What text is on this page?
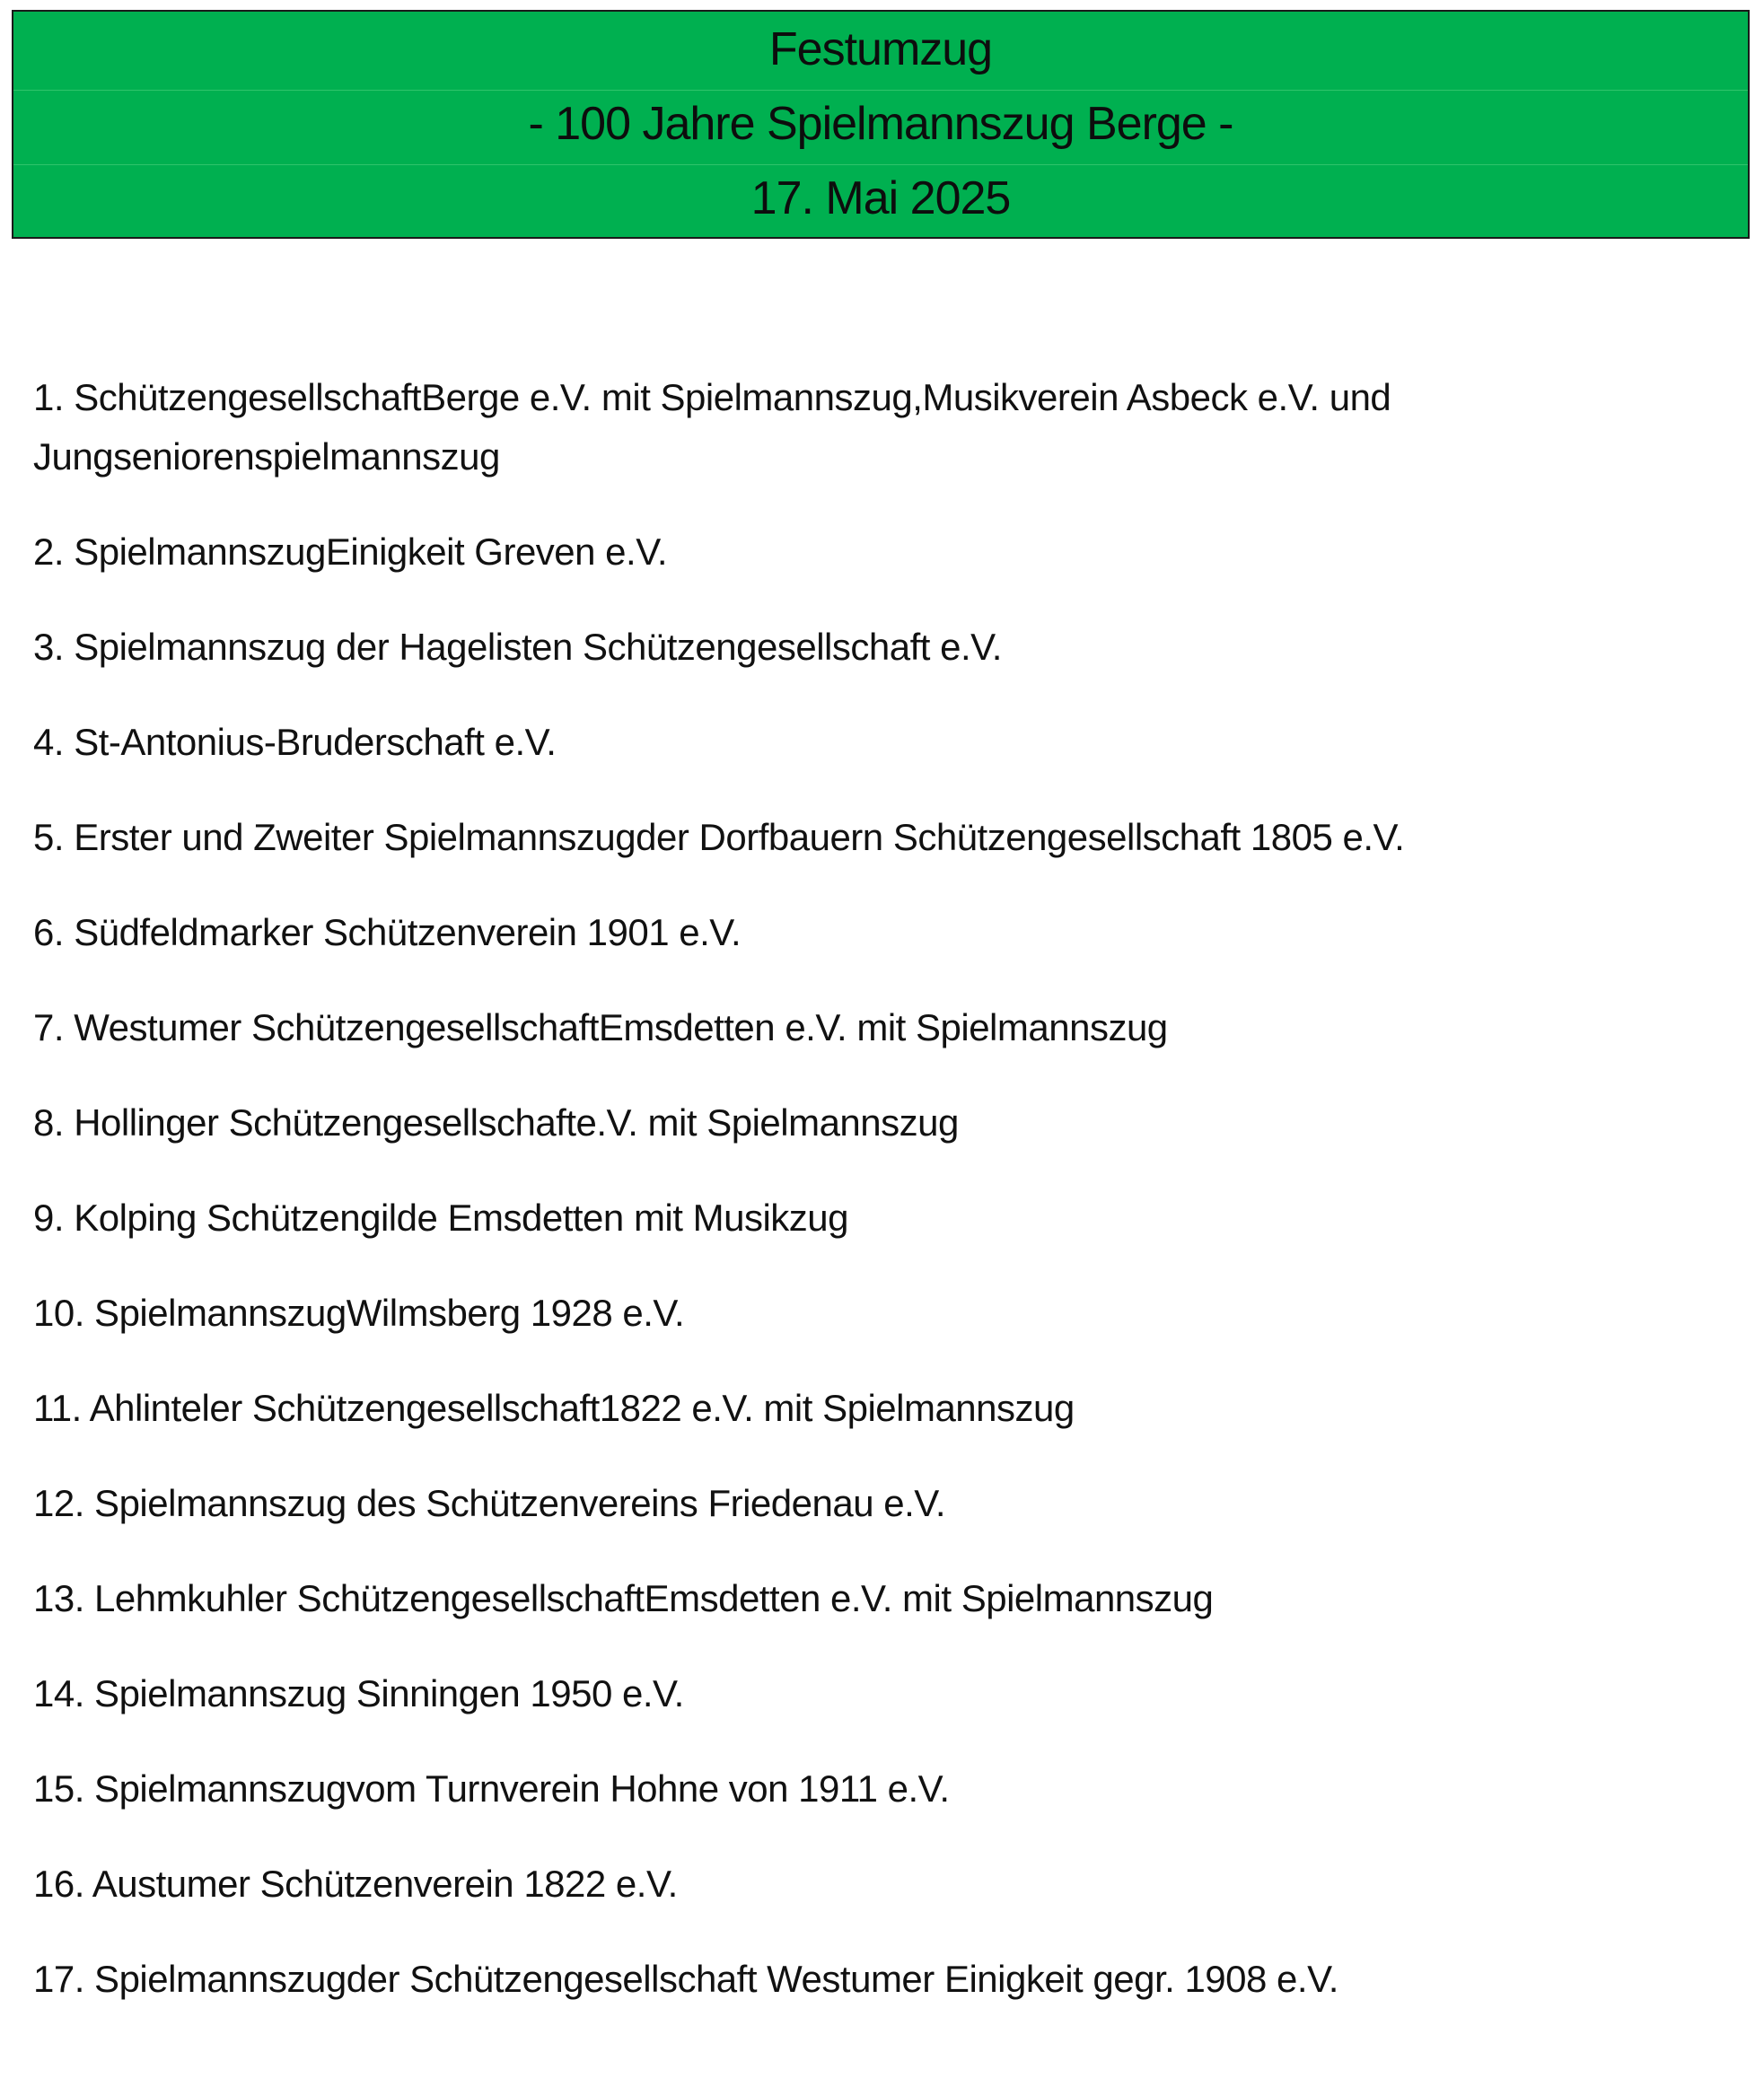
Festumzug
- 100 Jahre Spielmannszug Berge -
17. Mai 2025
1. SchützengesellschaftBerge e.V. mit Spielmannszug,Musikverein Asbeck e.V. und Jungseniorenspielmannszug
2. SpielmannszugEinigkeit Greven e.V.
3. Spielmannszug der Hagelisten Schützengesellschaft e.V.
4. St-Antonius-Bruderschaft e.V.
5. Erster und Zweiter Spielmannszugder Dorfbauern Schützengesellschaft 1805 e.V.
6. Südfeldmarker Schützenverein 1901 e.V.
7. Westumer SchützengesellschaftEmsdetten e.V. mit Spielmannszug
8. Hollinger Schützengesellschafte.V. mit Spielmannszug
9. Kolping Schützengilde Emsdetten mit Musikzug
10. SpielmannszugWilmsberg 1928 e.V.
11. Ahlinteler Schützengesellschaft1822 e.V. mit Spielmannszug
12. Spielmannszug des Schützenvereins Friedenau e.V.
13. Lehmkuhler SchützengesellschaftEmsdetten e.V. mit Spielmannszug
14. Spielmannszug Sinningen 1950 e.V.
15. Spielmannszugvom Turnverein Hohne von 1911 e.V.
16. Austumer Schützenverein 1822 e.V.
17. Spielmannszugder Schützengesellschaft Westumer Einigkeit gegr. 1908 e.V.
